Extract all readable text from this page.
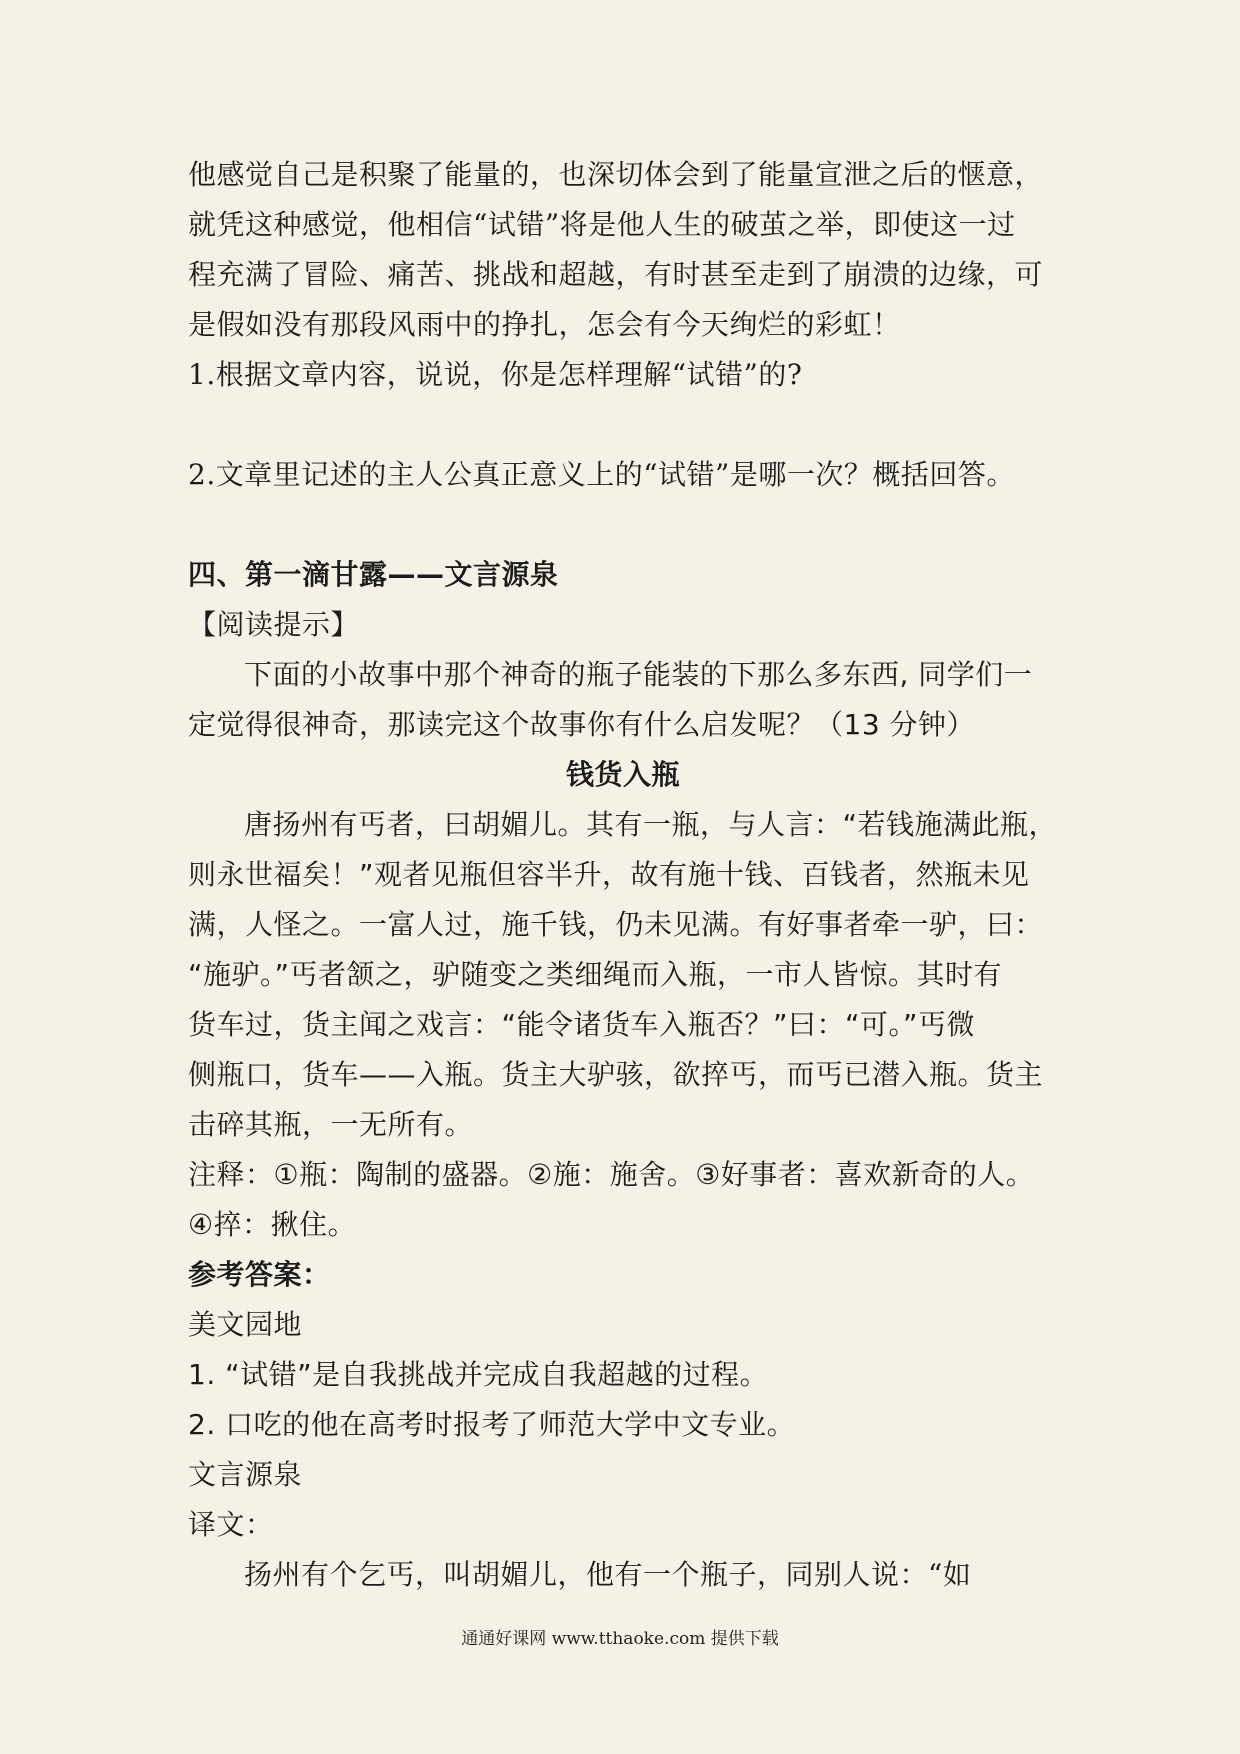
他感觉自己是积聚了能量的，也深切体会到了能量宣泄之后的惬意，
就凭这种感觉，他相信“试错”将是他人生的破茧之举，即使这一过
程充满了冒险、痛苦、挑战和超越，有时甚至走到了崩溃的边缘，可
是假如没有那段风雨中的挣扎，怎会有今天绚烂的彩虹！
1.根据文章内容，说说，你是怎样理解“试错”的?
2.文章里记述的主人公真正意义上的“试错”是哪一次？概括回答。
四、第一滴甘露——文言源泉
【阅读提示】
下面的小故事中那个神奇的瓶子能装的下那么多东西, 同学们一
定觉得很神奇，那读完这个故事你有什么启发呢？（13 分钟）
钱货入瓶
唐扬州有丐者，曰胡媚儿。其有一瓶，与人言：“若钱施满此瓶，
则永世福矣！”观者见瓶但容半升，故有施十钱、百钱者，然瓶未见
满，人怪之。一富人过，施千钱，仍未见满。有好事者牵一驴，曰：
“施驴。”丐者颔之，驴随变之类细绳而入瓶，一市人皆惊。其时有
货车过，货主闻之戏言：“能令诸货车入瓶否？”曰：“可。”丐微
侧瓶口，货车——入瓶。货主大驴骇，欲捽丐，而丐已潜入瓶。货主
击碎其瓶，一无所有。
注释：①瓶：陶制的盛器。②施：施舍。③好事者：喜欢新奇的人。
④捽：揪住。
参考答案：
美文园地
1. “试错”是自我挑战并完成自我超越的过程。
2. 口吃的他在高考时报考了师范大学中文专业。
文言源泉
译文：
扬州有个乞丐，叫胡媚儿，他有一个瓶子，同别人说：“如
通通好课网 www.tthaoke.com 提供下载
